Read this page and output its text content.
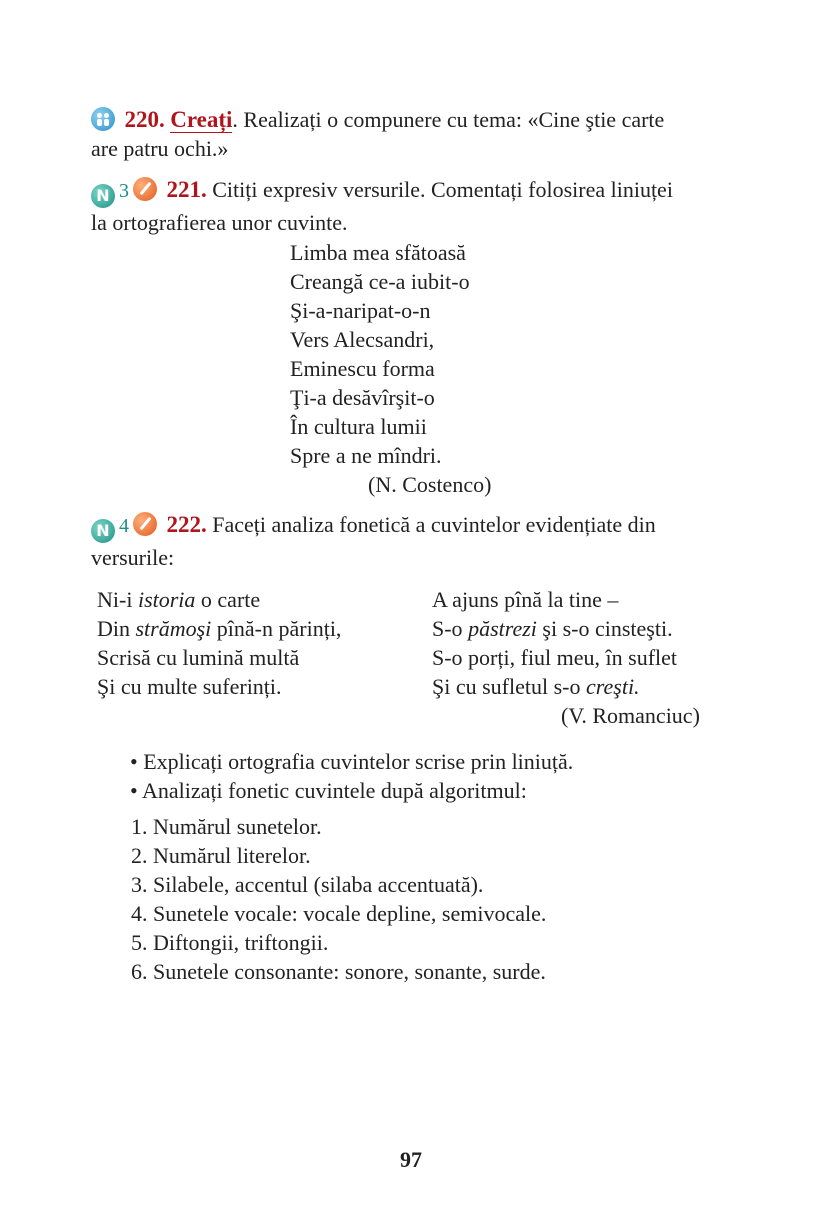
220. Creați. Realizați o compunere cu tema: «Cine ştie carte
are patru ochi.»

N 3 221. Citiți expresiv versurile. Comentați folosirea liniuței
la ortografierea unor cuvinte.

Limba mea sfătoasă
Creangă ce-a iubit-o
Şi-a-naripat-o-n
Vers Alecsandri,
Eminescu forma
Ţi-a desăvîrşit-o
În cultura lumii
Spre a ne mîndri.
(N. Costenco)

N 4 222. Faceți analiza fonetică a cuvintelor evidențiate din
versurile:

Ni-i istoria o carte
Din strămoşi pînă-n părinți,
Scrisă cu lumină multă
Şi cu multe suferinți.
A ajuns pînă la tine –
S-o păstrezi şi s-o cinsteşti.
S-o porți, fiul meu, în suflet
Şi cu sufletul s-o creşti.
(V. Romanciuc)
• Explicați ortografia cuvintelor scrise prin liniuță.
• Analizați fonetic cuvintele după algoritmul:
1. Numărul sunetelor.
2. Numărul literelor.
3. Silabele, accentul (silaba accentuată).
4. Sunetele vocale: vocale depline, semivocale.
5. Diftongii, triftongii.
6. Sunetele consonante: sonore, sonante, surde.
97
